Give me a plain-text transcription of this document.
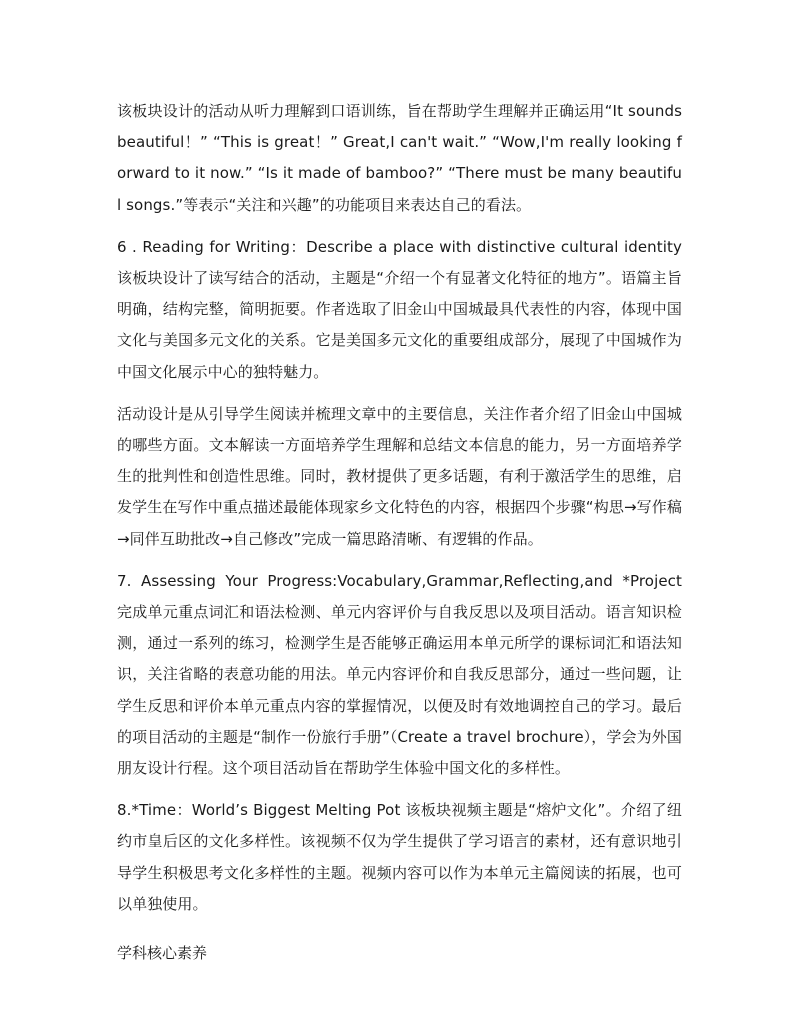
该板块设计的活动从听力理解到口语训练，旨在帮助学生理解并正确运用“It sounds beautiful！” “This is great！” Great,I can't wait.” “Wow,I'm really looking forward to it now.” “Is it made of bamboo?” “There must be many beautiful songs.”等表示“关注和兴趣”的功能项目来表达自己的看法。

6 . Reading for Writing：Describe a place with distinctive cultural identity 该板块设计了读写结合的活动，主题是“介绍一个有显著文化特征的地方”。语篇主旨明确，结构完整，简明扼要。作者选取了旧金山中国城最具代表性的内容，体现中国文化与美国多元文化的关系。它是美国多元文化的重要组成部分，展现了中国城作为中国文化展示中心的独特魅力。

活动设计是从引导学生阅读并梳理文章中的主要信息，关注作者介绍了旧金山中国城的哪些方面。文本解读一方面培养学生理解和总结文本信息的能力，另一方面培养学生的批判性和创造性思维。同时，教材提供了更多话题，有利于激活学生的思维，启发学生在写作中重点描述最能体现家乡文化特色的内容，根据四个步骤“构思→写作稿→同伴互助批改→自己修改”完成一篇思路清晰、有逻辑的作品。

7. Assessing Your Progress:Vocabulary,Grammar,Reflecting,and *Project 完成单元重点词汇和语法检测、单元内容评价与自我反思以及项目活动。语言知识检测，通过一系列的练习，检测学生是否能够正确运用本单元所学的课标词汇和语法知识，关注省略的表意功能的用法。单元内容评价和自我反思部分，通过一些问题，让学生反思和评价本单元重点内容的掌握情况，以便及时有效地调控自己的学习。最后的项目活动的主题是“制作一份旅行手册”（Create a travel brochure），学会为外国朋友设计行程。这个项目活动旨在帮助学生体验中国文化的多样性。

8.*Time：World’s Biggest Melting Pot 该板块视频主题是“熔炉文化”。介绍了纽约市皇后区的文化多样性。该视频不仅为学生提供了学习语言的素材，还有意识地引导学生积极思考文化多样性的主题。视频内容可以作为本单元主篇阅读的拓展，也可以单独使用。

学科核心素养
